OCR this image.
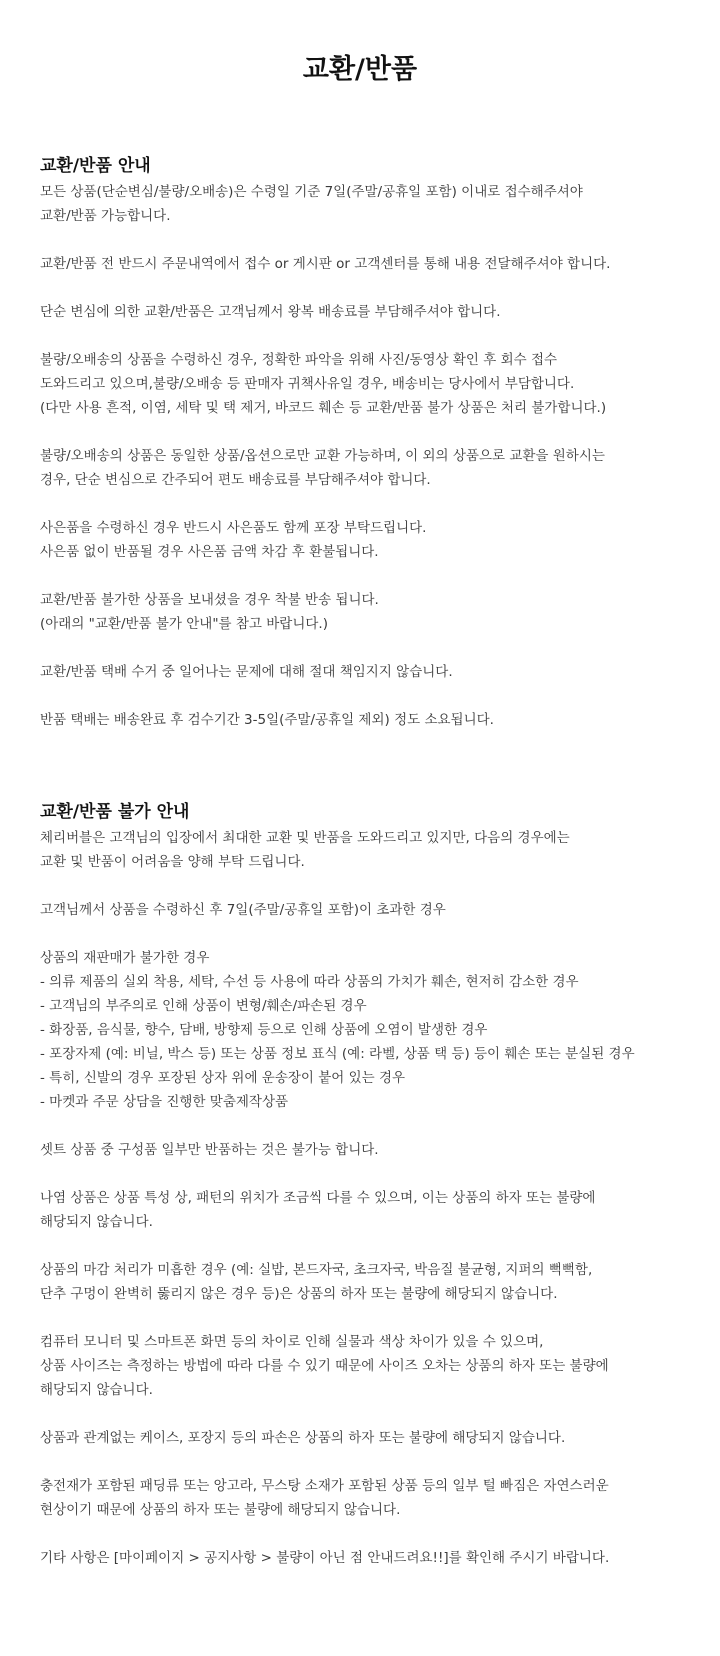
교환/반품
교환/반품 안내

모든 상품(단순변심/불량/오배송)은 수령일 기준 7일(주말/공휴일 포함) 이내로 접수해주셔야
교환/반품 가능합니다.

교환/반품 전 반드시 주문내역에서 접수 or 게시판 or 고객센터를 통해 내용 전달해주셔야 합니다.

단순 변심에 의한 교환/반품은 고객님께서 왕복 배송료를 부담해주셔야 합니다.

불량/오배송의 상품을 수령하신 경우, 정확한 파악을 위해 사진/동영상 확인 후 회수 접수
도와드리고 있으며,불량/오배송 등 판매자 귀책사유일 경우, 배송비는 당사에서 부담합니다.
(다만 사용 흔적, 이염, 세탁 및 택 제거, 바코드 훼손 등 교환/반품 불가 상품은 처리 불가합니다.)

불량/오배송의 상품은 동일한 상품/옵션으로만 교환 가능하며, 이 외의 상품으로 교환을 원하시는
경우, 단순 변심으로 간주되어 편도 배송료를 부담해주셔야 합니다.

사은품을 수령하신 경우 반드시 사은품도 함께 포장 부탁드립니다.
사은품 없이 반품될 경우 사은품 금액 차감 후 환불됩니다.

교환/반품 불가한 상품을 보내셨을 경우 착불 반송 됩니다.
(아래의 "교환/반품 불가 안내"를 참고 바랍니다.)

교환/반품 택배 수거 중 일어나는 문제에 대해 절대 책임지지 않습니다.

반품 택배는 배송완료 후 검수기간 3-5일(주말/공휴일 제외) 정도 소요됩니다.

교환/반품 불가 안내

체리버블은 고객님의 입장에서 최대한 교환 및 반품을 도와드리고 있지만, 다음의 경우에는
교환 및 반품이 어려움을 양해 부탁 드립니다.

고객님께서 상품을 수령하신 후 7일(주말/공휴일 포함)이 초과한 경우

상품의 재판매가 불가한 경우
- 의류 제품의 실외 착용, 세탁, 수선 등 사용에 따라 상품의 가치가 훼손, 현저히 감소한 경우
- 고객님의 부주의로 인해 상품이 변형/훼손/파손된 경우
- 화장품, 음식물, 향수, 담배, 방향제 등으로 인해 상품에 오염이 발생한 경우
- 포장자제 (예: 비닐, 박스 등) 또는 상품 정보 표식 (예: 라벨, 상품 택 등) 등이 훼손 또는 분실된 경우
- 특히, 신발의 경우 포장된 상자 위에 운송장이 붙어 있는 경우
- 마켓과 주문 상담을 진행한 맞춤제작상품

셋트 상품 중 구성품 일부만 반품하는 것은 불가능 합니다.

나염 상품은 상품 특성 상, 패턴의 위치가 조금씩 다를 수 있으며, 이는 상품의 하자 또는 불량에
해당되지 않습니다.

상품의 마감 처리가 미흡한 경우 (예: 실밥, 본드자국, 초크자국, 박음질 불균형, 지퍼의 뻑뻑함,
단추 구멍이 완벽히 뚫리지 않은 경우 등)은 상품의 하자 또는 불량에 해당되지 않습니다.

컴퓨터 모니터 및 스마트폰 화면 등의 차이로 인해 실물과 색상 차이가 있을 수 있으며,
상품 사이즈는 측정하는 방법에 따라 다를 수 있기 때문에 사이즈 오차는 상품의 하자 또는 불량에
해당되지 않습니다.

상품과 관계없는 케이스, 포장지 등의 파손은 상품의 하자 또는 불량에 해당되지 않습니다.

충전재가 포함된 패딩류 또는 앙고라, 무스탕 소재가 포함된 상품 등의 일부 털 빠짐은 자연스러운
현상이기 때문에 상품의 하자 또는 불량에 해당되지 않습니다.

기타 사항은 [마이페이지 > 공지사항 > 불량이 아닌 점 안내드려요!!]를 확인해 주시기 바랍니다.
